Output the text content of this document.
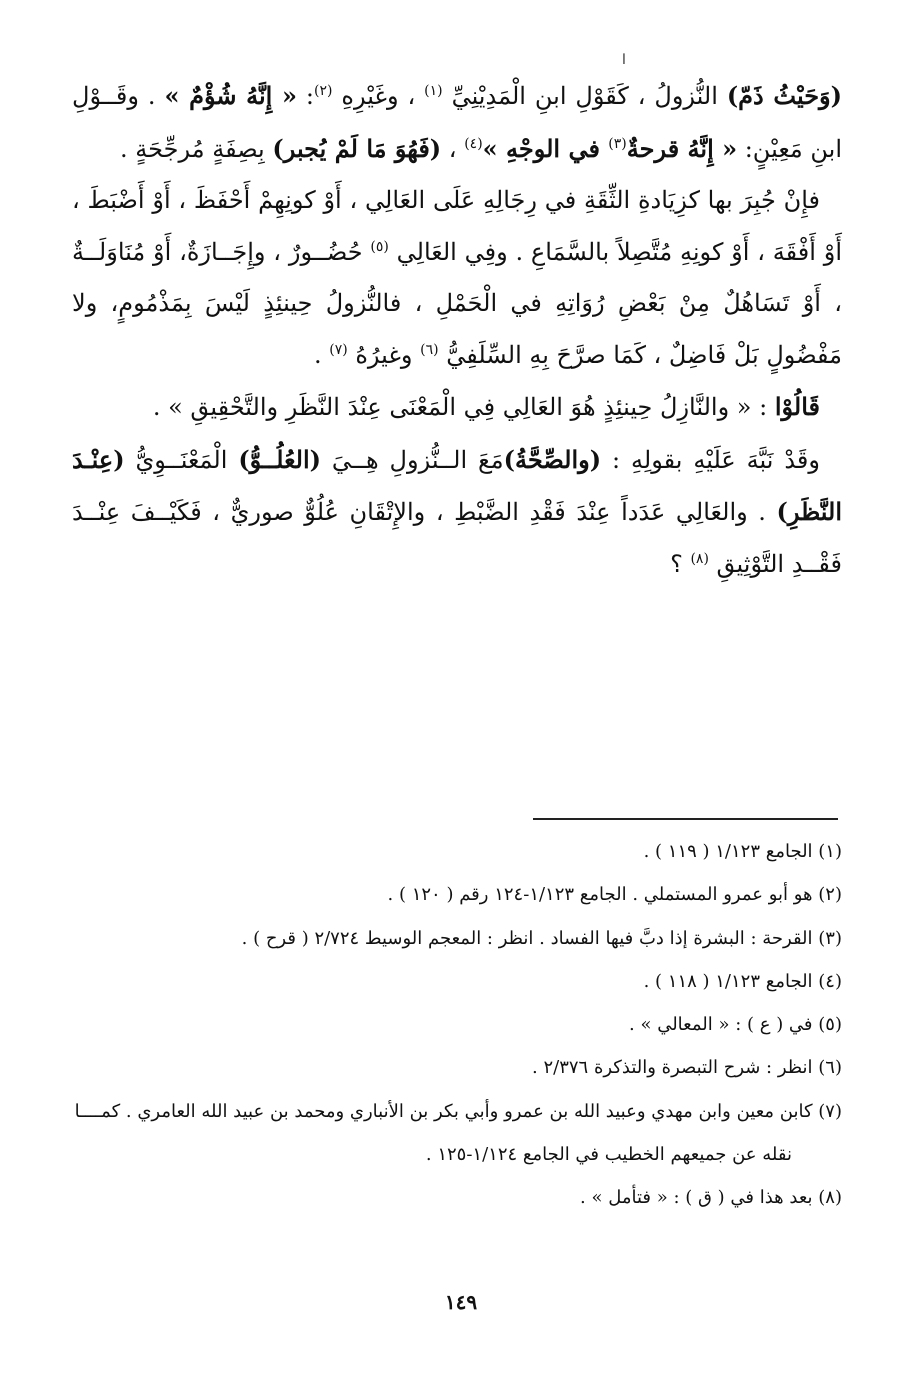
ا

(وَحَيْثُ ذَمّ) النُّزولُ ، كَقَوْلِ ابنِ الْمَدِيْنِيِّ $^{(١)}$ ، وغَيْرِهِ $^{(٢)}$: « إِنَّهُ شُؤْمٌ » . وقَــوْلِ ابنِ مَعِيْنٍ: « إِنَّهُ قرحةٌ$^{(٣)}$ في الوجْهِ »$^{(٤)}$ ، (فَهُوَ مَا لَمْ يُجبر) بِصِفَةٍ مُرجِّحَةٍ .

فإِنْ جُبِرَ بها كزِيَادةِ الثِّقَةِ في رِجَالِهِ عَلَى العَالِي ، أَوْ كونِهِمْ أَحْفَظَ ، أَوْ أَضْبَطَ ، أَوْ أَفْقَهَ ، أَوْ كونِهِ مُتَّصِلاً بالسَّمَاعِ . وفِي العَالِي $^{(٥)}$ حُضُــورٌ ، وإِجَــازَةٌ، أَوْ مُنَاوَلَــةٌ ، أَوْ تَسَاهُلٌ مِنْ بَعْضِ رُوَاتِهِ في الْحَمْلِ ، فالنُّزولُ حِينئِذٍ لَيْسَ بِمَذْمُومٍ، ولا مَفْضُولٍ بَلْ فَاضِلٌ ، كَمَا صرَّحَ بِهِ السِّلَفِيُّ $^{(٦)}$ وغيرُهُ $^{(٧)}$ .

قَالُوْا : « والنَّازِلُ حِينئِذٍ هُوَ العَالِي فِي الْمَعْنَى عِنْدَ النَّظَرِ والتَّحْقِيقِ » .

وقَدْ نَبَّهَ عَلَيْهِ بقولِهِ : (والصِّحَّةُ)مَعَ الــنُّزولِ هِــيَ (العُلُــوُّ) الْمَعْنَــوِيُّ (عِنْـدَ النَّظَرِ) . والعَالِي عَدَداً عِنْدَ فَقْدِ الضَّبْطِ ، والإِتْقَانِ عُلُوٌّ صوريٌّ ، فَكَيْــفَ عِنْــدَ فَقْــدِ التَّوْثِيقِ $^{(٨)}$ ؟

(١) الجامع ١/١٢٣ ( ١١٩ ) .
(٢) هو أبو عمرو المستملي . الجامع ١/١٢٣-١٢٤ رقم ( ١٢٠ ) .
(٣) القرحة : البشرة إذا دبَّ فيها الفساد . انظر : المعجم الوسيط ٢/٧٢٤ ( قرح ) .
(٤) الجامع ١/١٢٣ ( ١١٨ ) .
(٥) في ( ع ) : « المعالي » .
(٦) انظر : شرح التبصرة والتذكرة ٢/٣٧٦ .
(٧) كابن معين وابن مهدي وعبيد الله بن عمرو وأبي بكر بن الأنباري ومحمد بن عبيد الله العامري . كمــــا
نقله عن جميعهم الخطيب في الجامع ١/١٢٤-١٢٥ .
(٨) بعد هذا في ( ق ) : « فتأمل » .
١٤٩
